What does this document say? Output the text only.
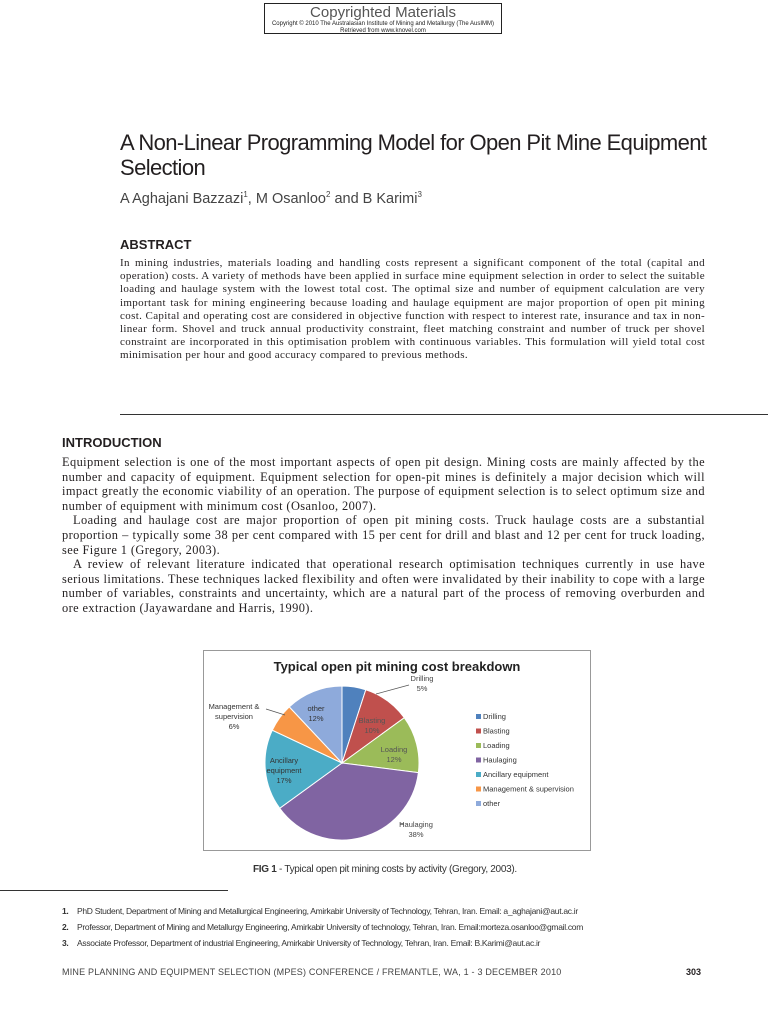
Copyrighted Materials
Copyright © 2010 The Australasian Institute of Mining and Metallurgy (The AusIMM)
Retrieved from www.knovel.com
A Non-Linear Programming Model for Open Pit Mine Equipment Selection
A Aghajani Bazzazi$^1$, M Osanloo$^2$ and B Karimi$^3$
ABSTRACT

In mining industries, materials loading and handling costs represent a significant component of the total (capital and operation) costs. A variety of methods have been applied in surface mine equipment selection in order to select the suitable loading and haulage system with the lowest total cost. The optimal size and number of equipment calculation are very important task for mining engineering because loading and haulage equipment are major proportion of open pit mining cost. Capital and operating cost are considered in objective function with respect to interest rate, insurance and tax in non-linear form. Shovel and truck annual productivity constraint, fleet matching constraint and number of truck per shovel constraint are incorporated in this optimisation problem with continuous variables. This formulation will yield total cost minimisation per hour and good accuracy compared to previous methods.

INTRODUCTION

Equipment selection is one of the most important aspects of open pit design. Mining costs are mainly affected by the number and capacity of equipment. Equipment selection for open-pit mines is definitely a major decision which will impact greatly the economic viability of an operation. The purpose of equipment selection is to select optimum size and number of equipment with minimum cost (Osanloo, 2007).

Loading and haulage cost are major proportion of open pit mining costs. Truck haulage costs are a substantial proportion – typically some 38 per cent compared with 15 per cent for drill and blast and 12 per cent for truck loading, see Figure 1 (Gregory, 2003).

A review of relevant literature indicated that operational research optimisation techniques currently in use have serious limitations. These techniques lacked flexibility and often were invalidated by their inability to cope with a large number of variables, constraints and uncertainty, which are a natural part of the process of removing overburden and ore extraction (Jayawardane and Harris, 1990).

Typical open pit mining cost breakdown
Drilling 5%
Blasting 10%
Loading 12%
Haulaging 38%
Ancillary equipment 17%
Management & supervision 6%
other 12%	Drilling
Blasting
Loading
Haulaging
Ancillary equipment
Management & supervision
other
FIG 1 - Typical open pit mining costs by activity (Gregory, 2003).
1. PhD Student, Department of Mining and Metallurgical Engineering, Amirkabir University of Technology, Tehran, Iran. Email: a_aghajani@aut.ac.ir
2. Professor, Department of Mining and Metallurgy Engineering, Amirkabir University of technology, Tehran, Iran. Email:morteza.osanloo@gmail.com
3. Associate Professor, Department of industrial Engineering, Amirkabir University of Technology, Tehran, Iran. Email: B.Karimi@aut.ac.ir
MINE PLANNING AND EQUIPMENT SELECTION (MPES) CONFERENCE / FREMANTLE, WA, 1 - 3 DECEMBER 2010	303
